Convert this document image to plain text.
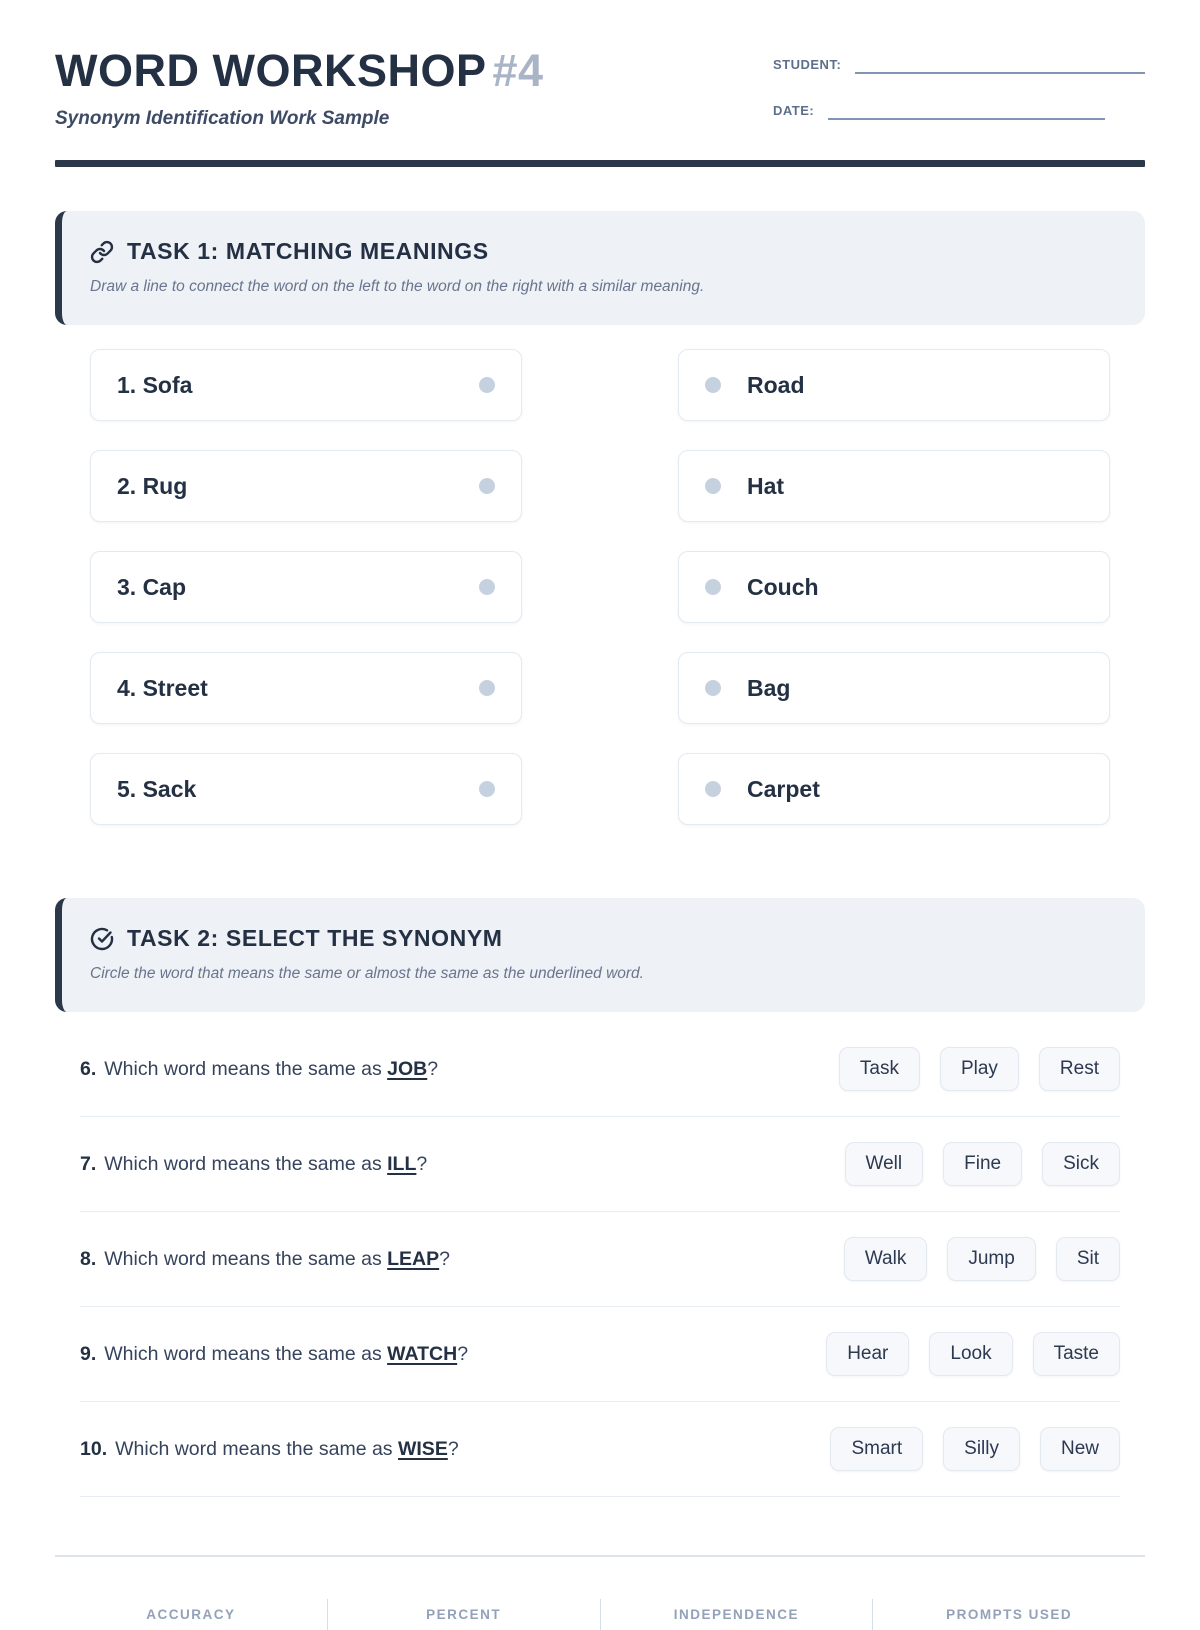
WORD WORKSHOP #4
Synonym Identification Work Sample
STUDENT:
DATE:
TASK 1: MATCHING MEANINGS
Draw a line to connect the word on the left to the word on the right with a similar meaning.
1. Sofa
2. Rug
3. Cap
4. Street
5. Sack
Road
Hat
Couch
Bag
Carpet
TASK 2: SELECT THE SYNONYM
Circle the word that means the same or almost the same as the underlined word.
6. Which word means the same as JOB?	Task	Play	Rest
7. Which word means the same as ILL?	Well	Fine	Sick
8. Which word means the same as LEAP?	Walk	Jump	Sit
9. Which word means the same as WATCH?	Hear	Look	Taste
10. Which word means the same as WISE?	Smart	Silly	New
ACCURACY	PERCENT	INDEPENDENCE	PROMPTS USED
